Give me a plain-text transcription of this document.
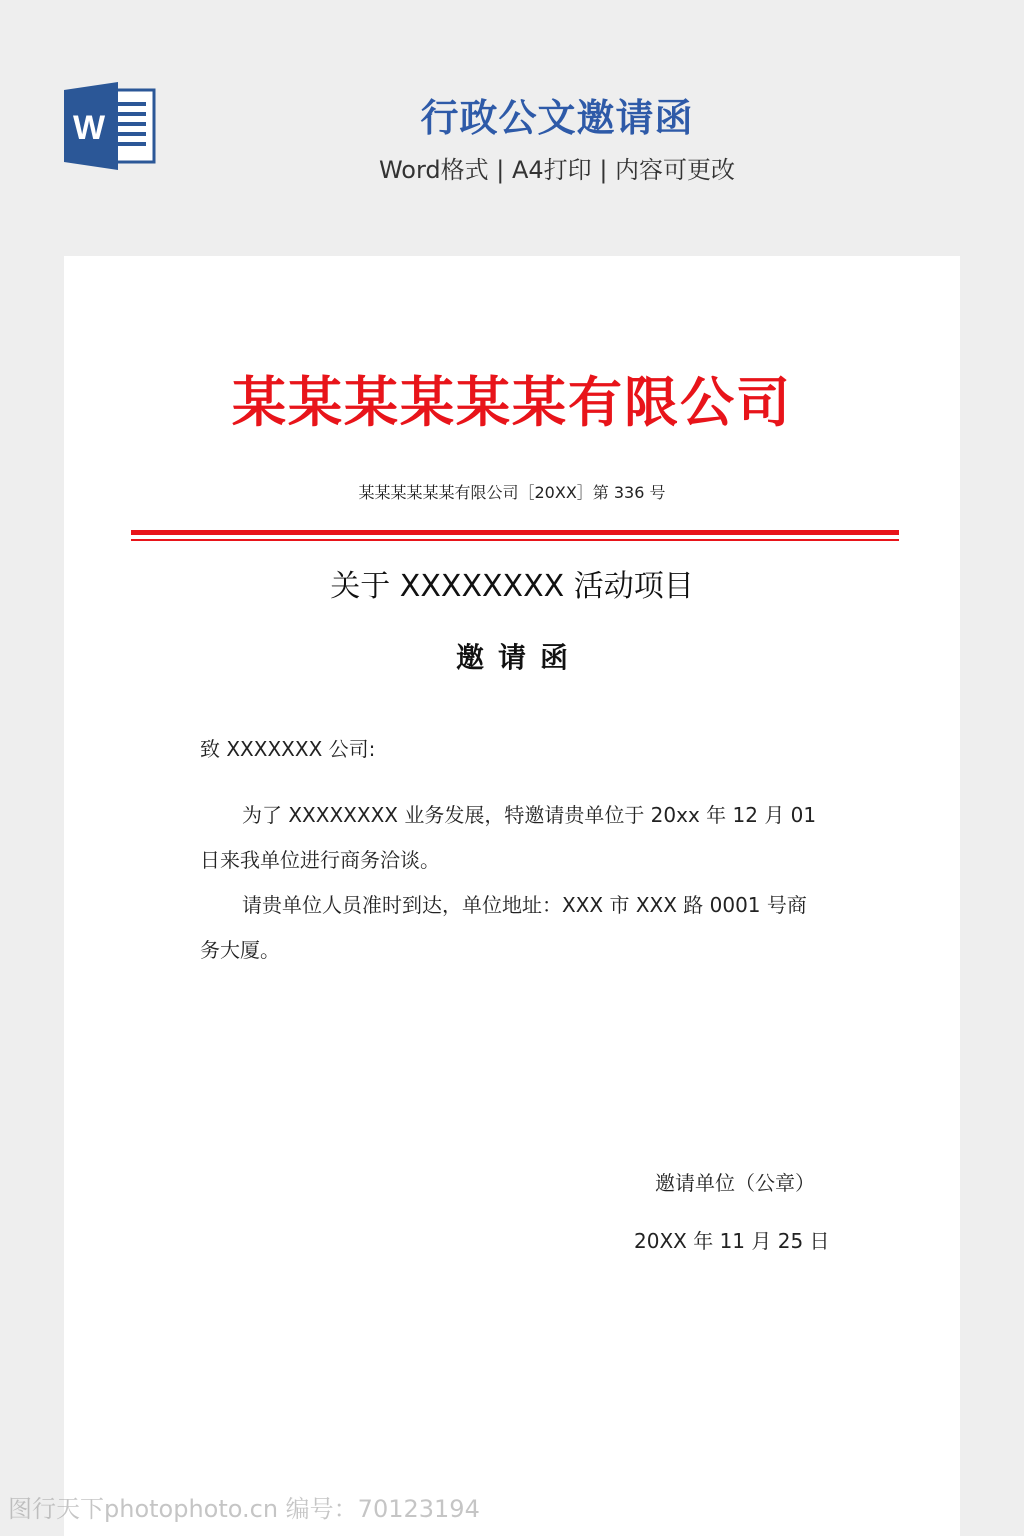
W	行政公文邀请函
Word格式 | A4打印 | 内容可更改
某某某某某某有限公司
某某某某某某有限公司［20XX］第 336 号
关于 XXXXXXXX 活动项目
邀请函
致 XXXXXXX 公司:
为了 XXXXXXXX 业务发展，特邀请贵单位于 20xx 年 12 月 01
日来我单位进行商务洽谈。
请贵单位人员准时到达，单位地址：XXX 市 XXX 路 0001 号商
务大厦。
邀请单位（公章）
20XX 年 11 月 25 日
图行天下photophoto.cn 编号：70123194
